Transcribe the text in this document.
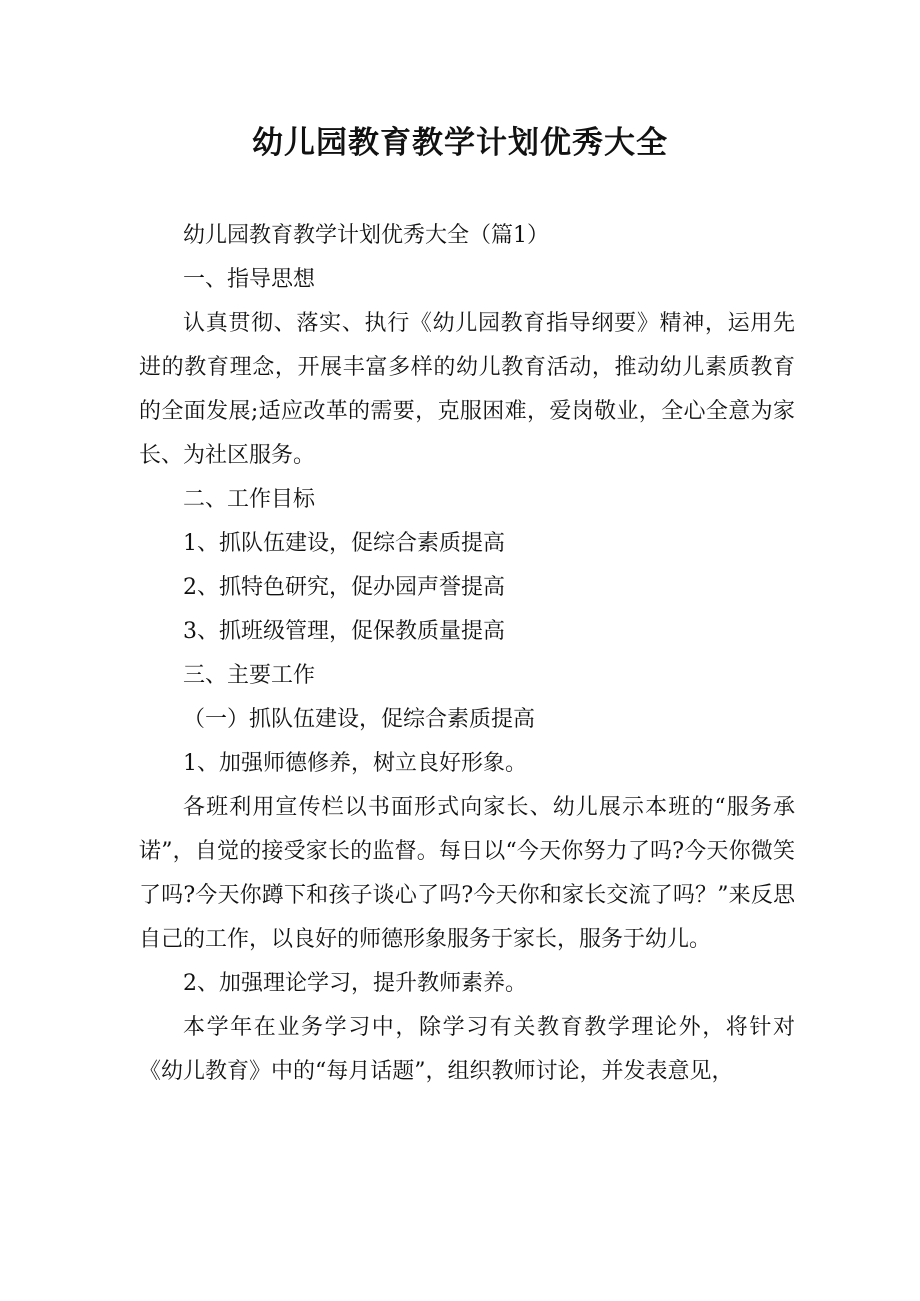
幼儿园教育教学计划优秀大全

幼儿园教育教学计划优秀大全（篇1）

一、指导思想

认真贯彻、落实、执行《幼儿园教育指导纲要》精神，运用先进的教育理念，开展丰富多样的幼儿教育活动，推动幼儿素质教育的全面发展;适应改革的需要，克服困难，爱岗敬业，全心全意为家长、为社区服务。

二、工作目标

1、抓队伍建设，促综合素质提高

2、抓特色研究，促办园声誉提高

3、抓班级管理，促保教质量提高

三、主要工作

（一）抓队伍建设，促综合素质提高

1、加强师德修养，树立良好形象。

各班利用宣传栏以书面形式向家长、幼儿展示本班的“服务承诺”，自觉的接受家长的监督。每日以“今天你努力了吗?今天你微笑了吗?今天你蹲下和孩子谈心了吗?今天你和家长交流了吗？”来反思自己的工作，以良好的师德形象服务于家长，服务于幼儿。

2、加强理论学习，提升教师素养。

本学年在业务学习中，除学习有关教育教学理论外，将针对《幼儿教育》中的“每月话题”，组织教师讨论，并发表意见，
